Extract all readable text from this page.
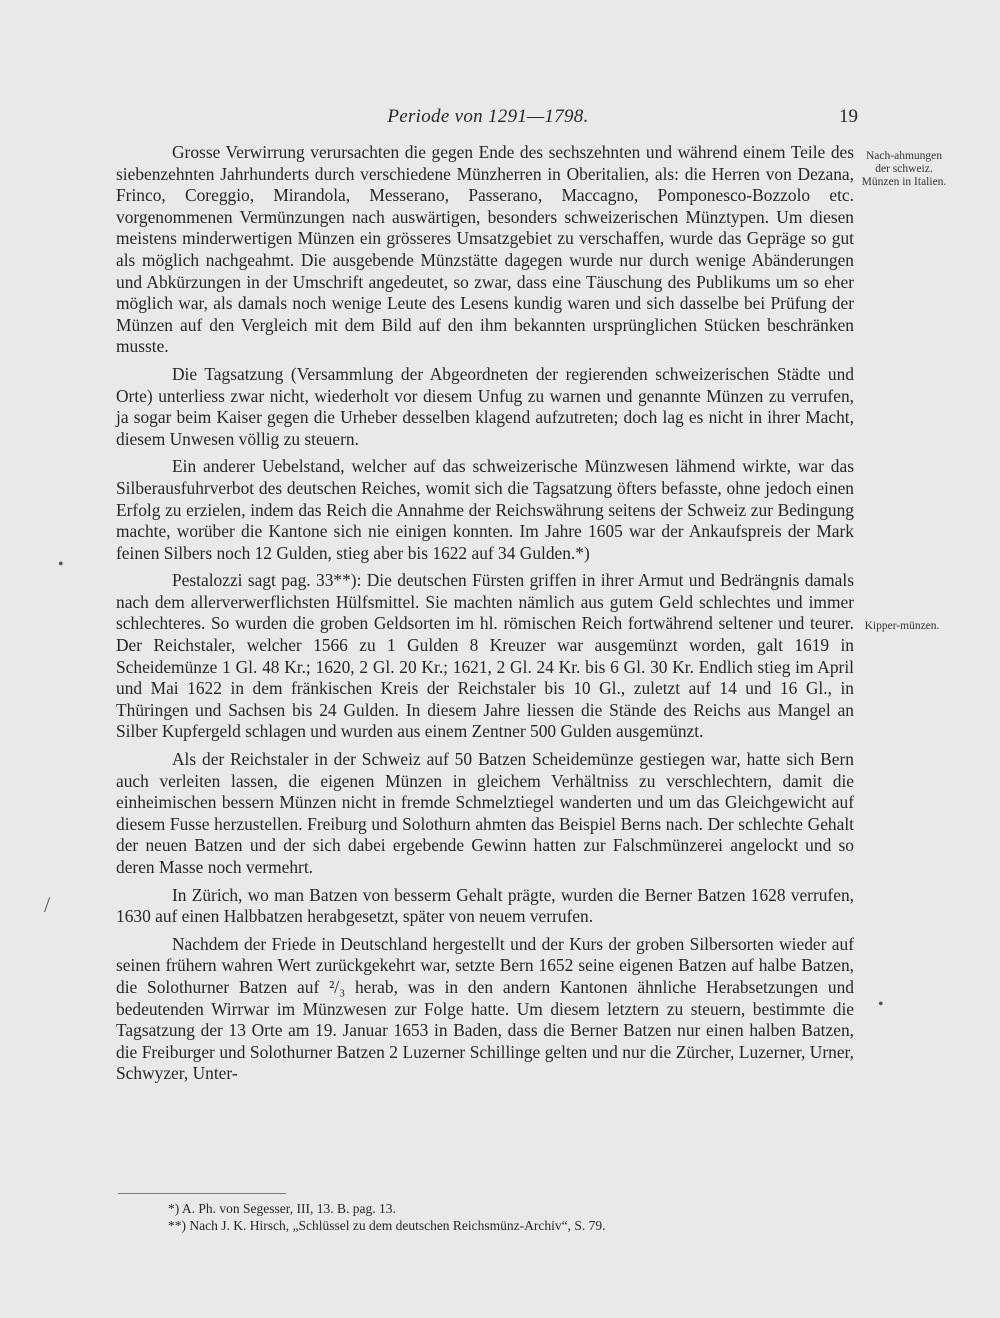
Periode von 1291—1798.	19

Grosse Verwirrung verursachten die gegen Ende des sechszehnten und während einem Teile des siebenzehnten Jahrhunderts durch verschiedene Münzherren in Oberitalien, als: die Herren von Dezana, Frinco, Coreggio, Mirandola, Messerano, Passerano, Maccagno, Pomponesco-Bozzolo etc. vorgenommenen Vermünzungen nach auswärtigen, besonders schweizerischen Münztypen. Um diesen meistens minderwertigen Münzen ein grösseres Umsatzgebiet zu verschaffen, wurde das Gepräge so gut als möglich nachgeahmt. Die ausgebende Münzstätte dagegen wurde nur durch wenige Abänderungen und Abkürzungen in der Umschrift angedeutet, so zwar, dass eine Täuschung des Publikums um so eher möglich war, als damals noch wenige Leute des Lesens kundig waren und sich dasselbe bei Prüfung der Münzen auf den Vergleich mit dem Bild auf den ihm bekannten ursprünglichen Stücken beschränken musste.

Die Tagsatzung (Versammlung der Abgeordneten der regierenden schweizerischen Städte und Orte) unterliess zwar nicht, wiederholt vor diesem Unfug zu warnen und genannte Münzen zu verrufen, ja sogar beim Kaiser gegen die Urheber desselben klagend aufzutreten; doch lag es nicht in ihrer Macht, diesem Unwesen völlig zu steuern.

Ein anderer Uebelstand, welcher auf das schweizerische Münzwesen lähmend wirkte, war das Silberausfuhrverbot des deutschen Reiches, womit sich die Tagsatzung öfters befasste, ohne jedoch einen Erfolg zu erzielen, indem das Reich die Annahme der Reichswährung seitens der Schweiz zur Bedingung machte, worüber die Kantone sich nie einigen konnten. Im Jahre 1605 war der Ankaufspreis der Mark feinen Silbers noch 12 Gulden, stieg aber bis 1622 auf 34 Gulden.*)

Pestalozzi sagt pag. 33**): Die deutschen Fürsten griffen in ihrer Armut und Bedrängnis damals nach dem allerverwerflichsten Hülfsmittel. Sie machten nämlich aus gutem Geld schlechtes und immer schlechteres. So wurden die groben Geldsorten im hl. römischen Reich fortwährend seltener und teurer. Der Reichstaler, welcher 1566 zu 1 Gulden 8 Kreuzer war ausgemünzt worden, galt 1619 in Scheidemünze 1 Gl. 48 Kr.; 1620, 2 Gl. 20 Kr.; 1621, 2 Gl. 24 Kr. bis 6 Gl. 30 Kr. Endlich stieg im April und Mai 1622 in dem fränkischen Kreis der Reichstaler bis 10 Gl., zuletzt auf 14 und 16 Gl., in Thüringen und Sachsen bis 24 Gulden. In diesem Jahre liessen die Stände des Reichs aus Mangel an Silber Kupfergeld schlagen und wurden aus einem Zentner 500 Gulden ausgemünzt.

Als der Reichstaler in der Schweiz auf 50 Batzen Scheidemünze gestiegen war, hatte sich Bern auch verleiten lassen, die eigenen Münzen in gleichem Verhältniss zu verschlechtern, damit die einheimischen bessern Münzen nicht in fremde Schmelztiegel wanderten und um das Gleichgewicht auf diesem Fusse herzustellen. Freiburg und Solothurn ahmten das Beispiel Berns nach. Der schlechte Gehalt der neuen Batzen und der sich dabei ergebende Gewinn hatten zur Falschmünzerei angelockt und so deren Masse noch vermehrt.

In Zürich, wo man Batzen von besserm Gehalt prägte, wurden die Berner Batzen 1628 verrufen, 1630 auf einen Halbbatzen herabgesetzt, später von neuem verrufen.

Nachdem der Friede in Deutschland hergestellt und der Kurs der groben Silbersorten wieder auf seinen frühern wahren Wert zurückgekehrt war, setzte Bern 1652 seine eigenen Batzen auf halbe Batzen, die Solothurner Batzen auf ²/₃ herab, was in den andern Kantonen ähnliche Herabsetzungen und bedeutenden Wirrwar im Münzwesen zur Folge hatte. Um diesem letztern zu steuern, bestimmte die Tagsatzung der 13 Orte am 19. Januar 1653 in Baden, dass die Berner Batzen nur einen halben Batzen, die Freiburger und Solothurner Batzen 2 Luzerner Schillinge gelten und nur die Zürcher, Luzerner, Urner, Schwyzer, Unter-

Nach-ahmungen der schweiz. Münzen in Italien.
Kipper-münzen.
•
•
/
*) A. Ph. von Segesser, III, 13. B. pag. 13.
**) Nach J. K. Hirsch, „Schlüssel zu dem deutschen Reichsmünz-Archiv“, S. 79.
